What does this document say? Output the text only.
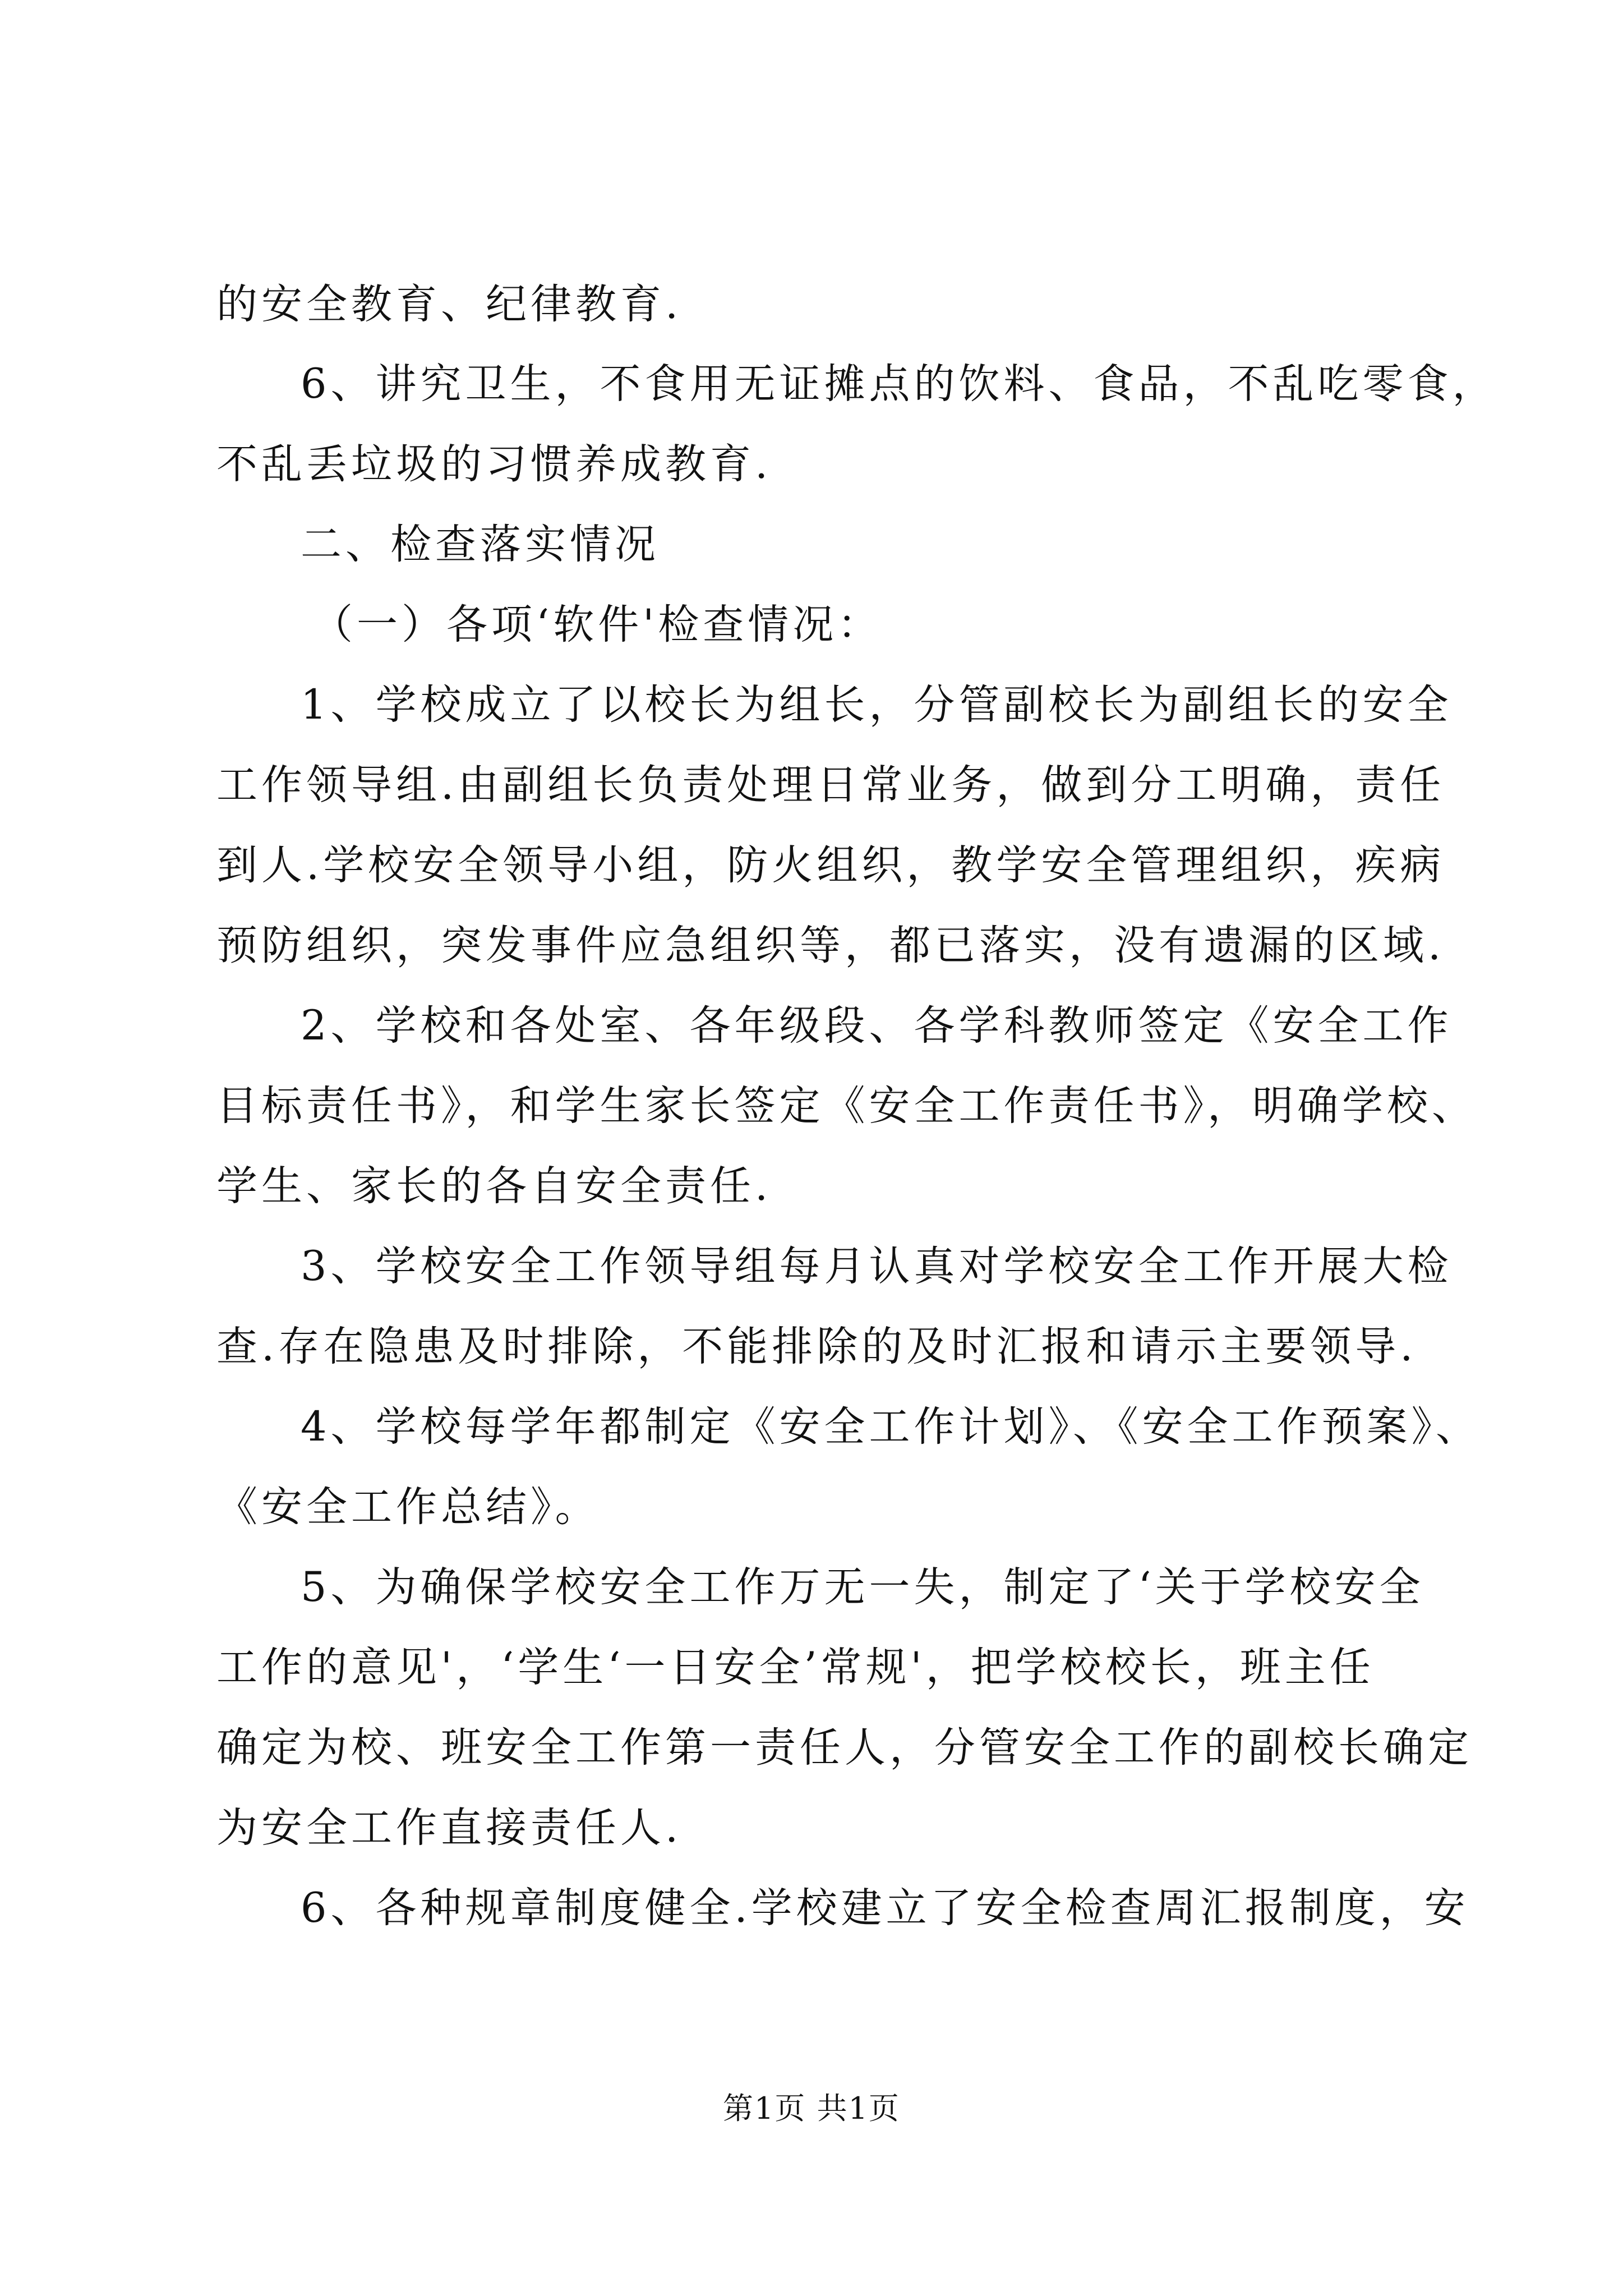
的安全教育、纪律教育.
6、讲究卫生，不食用无证摊点的饮料、食品，不乱吃零食，
不乱丢垃圾的习惯养成教育.
二、检查落实情况
（一）各项‘软件'检查情况：
1、学校成立了以校长为组长，分管副校长为副组长的安全
工作领导组.由副组长负责处理日常业务，做到分工明确，责任
到人.学校安全领导小组，防火组织，教学安全管理组织，疾病
预防组织，突发事件应急组织等，都已落实，没有遗漏的区域.
2、学校和各处室、各年级段、各学科教师签定《安全工作
目标责任书》，和学生家长签定《安全工作责任书》，明确学校、
学生、家长的各自安全责任.
3、学校安全工作领导组每月认真对学校安全工作开展大检
查.存在隐患及时排除，不能排除的及时汇报和请示主要领导.
4、学校每学年都制定《安全工作计划》、《安全工作预案》、
《安全工作总结》。
5、为确保学校安全工作万无一失，制定了‘关于学校安全
工作的意见'，‘学生‘一日安全’常规'，把学校校长，班主任
确定为校、班安全工作第一责任人，分管安全工作的副校长确定
为安全工作直接责任人.
6、各种规章制度健全.学校建立了安全检查周汇报制度，安
第1页 共1页
